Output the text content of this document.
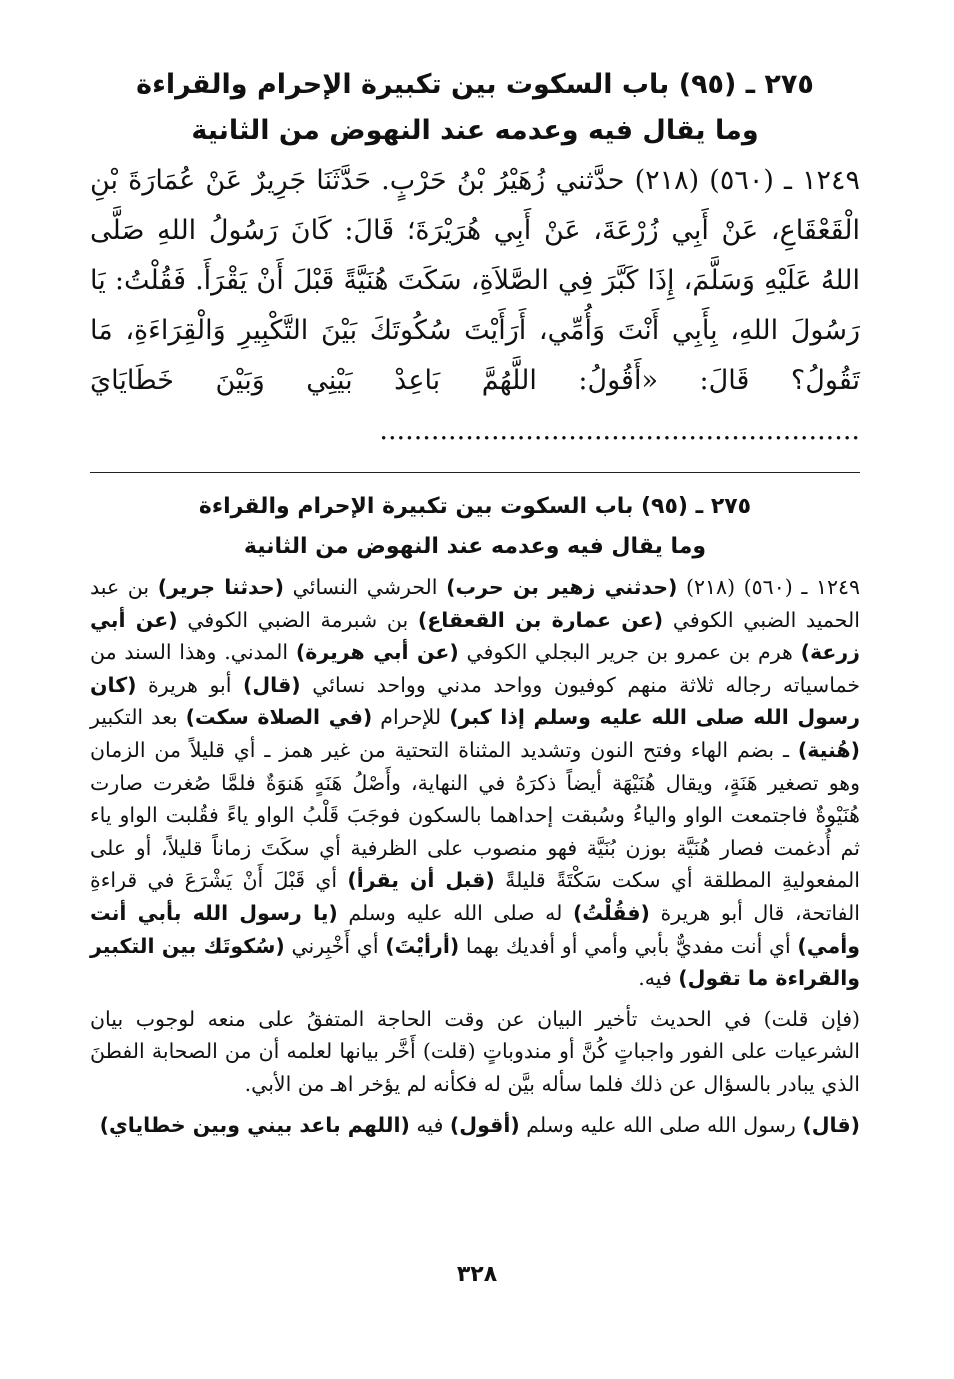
٢٧٥ ـ (٩٥) باب السكوت بين تكبيرة الإحرام والقراءة
وما يقال فيه وعدمه عند النهوض من الثانية
١٢٤٩ ـ (٥٦٠) (٢١٨) حدَّثني زُهَيْرُ بْنُ حَرْبٍ. حَدَّثَنَا جَرِيرٌ عَنْ عُمَارَةَ بْنِ الْقَعْقَاعِ، عَنْ أَبِي زُرْعَةَ، عَنْ أَبِي هُرَيْرَةَ؛ قَالَ: كَانَ رَسُولُ اللهِ صَلَّى اللهُ عَلَيْهِ وَسَلَّمَ، إِذَا كَبَّرَ فِي الصَّلاَةِ، سَكَتَ هُنَيَّةً قَبْلَ أَنْ يَقْرَأَ. فَقُلْتُ: يَا رَسُولَ اللهِ، بِأَبِي أَنْتَ وَأُمِّي، أَرَأَيْتَ سُكُوتَكَ بَيْنَ التَّكْبِيرِ وَالْقِرَاءَةِ، مَا تَقُولُ؟ قَالَ: «أَقُولُ: اللَّهُمَّ بَاعِدْ بَيْنِي وَبَيْنَ خَطَايَايَ ........................................................
٢٧٥ ـ (٩٥) باب السكوت بين تكبيرة الإحرام والقراءة
وما يقال فيه وعدمه عند النهوض من الثانية

١٢٤٩ ـ (٥٦٠) (٢١٨) (حدثني زهير بن حرب) الحرشي النسائي (حدثنا جرير) بن عبد الحميد الضبي الكوفي (عن عمارة بن القعقاع) بن شبرمة الضبي الكوفي (عن أبي زرعة) هرم بن عمرو بن جرير البجلي الكوفي (عن أبي هريرة) المدني. وهذا السند من خماسياته رجاله ثلاثة منهم كوفيون وواحد مدني وواحد نسائي (قال) أبو هريرة (كان رسول الله صلى الله عليه وسلم إذا كبر) للإحرام (في الصلاة سكت) بعد التكبير (هُنية) ـ بضم الهاء وفتح النون وتشديد المثناة التحتية من غير همز ـ أي قليلاً من الزمان وهو تصغير هَنَةٍ، ويقال هُنَيْهَة أيضاً ذكرَهُ في النهاية، وأَصْلُ هَنَهٍ هَنوَةٌ فلمَّا صُغرت صارت هُنَيْوةٌ فاجتمعت الواو والياءُ وسُبقت إحداهما بالسكون فوجَبَ قَلْبُ الواو ياءً فقُلبت الواو ياء ثم أُدغمت فصار هُنَيَّة بوزن بُنَيَّة فهو منصوب على الظرفية أي سكَتَ زماناً قليلاً، أو على المفعوليةِ المطلقة أي سكت سَكْتَةً قليلةً (قبل أن يقرأ) أي قَبْلَ أَنْ يَشْرَعَ في قراءةِ الفاتحة، قال أبو هريرة (فقُلْتُ) له صلى الله عليه وسلم (يا رسول الله بأبي أنت وأمي) أي أنت مفديٌّ بأبي وأمي أو أفديك بهما (أرأيْتَ) أي أَخْبِرني (سُكوتَك بين التكبير والقراءة ما تقول) فيه.

(فإن قلت) في الحديث تأخير البيان عن وقت الحاجة المتفقُ على منعه لوجوب بيان الشرعيات على الفور واجباتٍ كُنَّ أو مندوباتٍ (قلت) أَخَّر بيانها لعلمه أن من الصحابة الفطنَ الذي يبادر بالسؤال عن ذلك فلما سأله بيَّن له فكأنه لم يؤخر اهـ من الأبي.

(قال) رسول الله صلى الله عليه وسلم (أقول) فيه (اللهم باعد بيني وبين خطاياي)

٣٢٨
